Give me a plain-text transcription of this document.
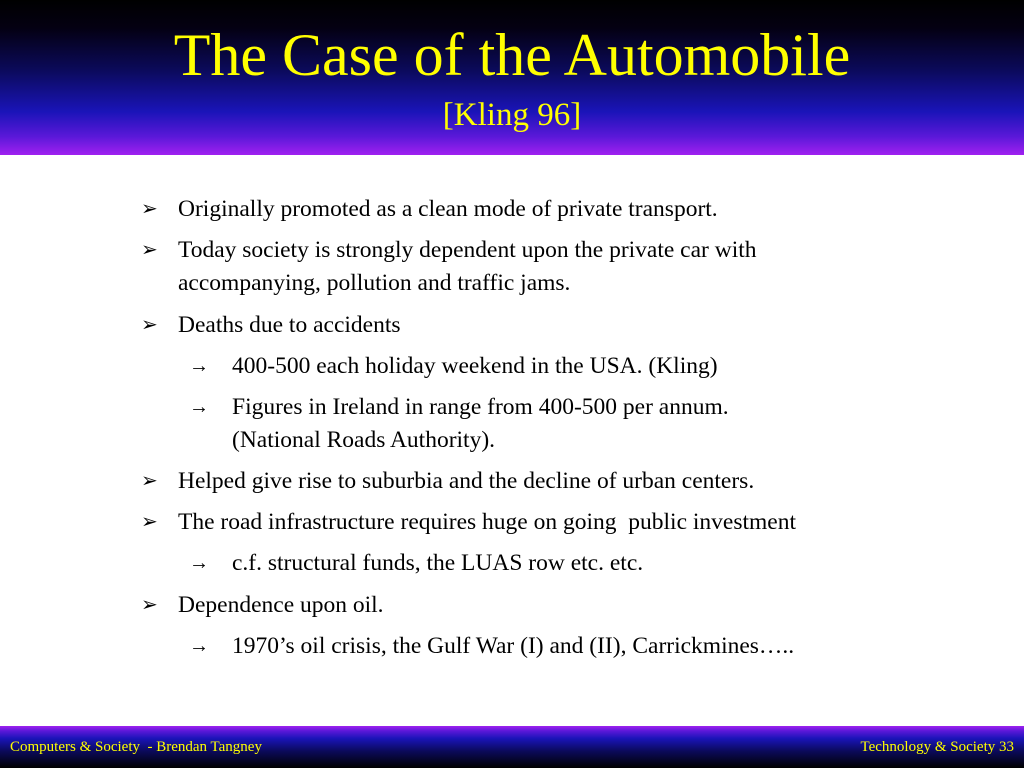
The Case of the Automobile
[Kling 96]
➢ Originally promoted as a clean mode of private transport.
➢ Today society is strongly dependent upon the private car with
accompanying, pollution and traffic jams.
➢ Deaths due to accidents
→ 400-500 each holiday weekend in the USA. (Kling)
→ Figures in Ireland in range from 400-500 per annum.
(National Roads Authority).
➢ Helped give rise to suburbia and the decline of urban centers.
➢ The road infrastructure requires huge on going  public investment
→ c.f. structural funds, the LUAS row etc. etc.
➢ Dependence upon oil.
→ 1970’s oil crisis, the Gulf War (I) and (II), Carrickmines…..
Computers & Society  - Brendan Tangney	Technology & Society 33
